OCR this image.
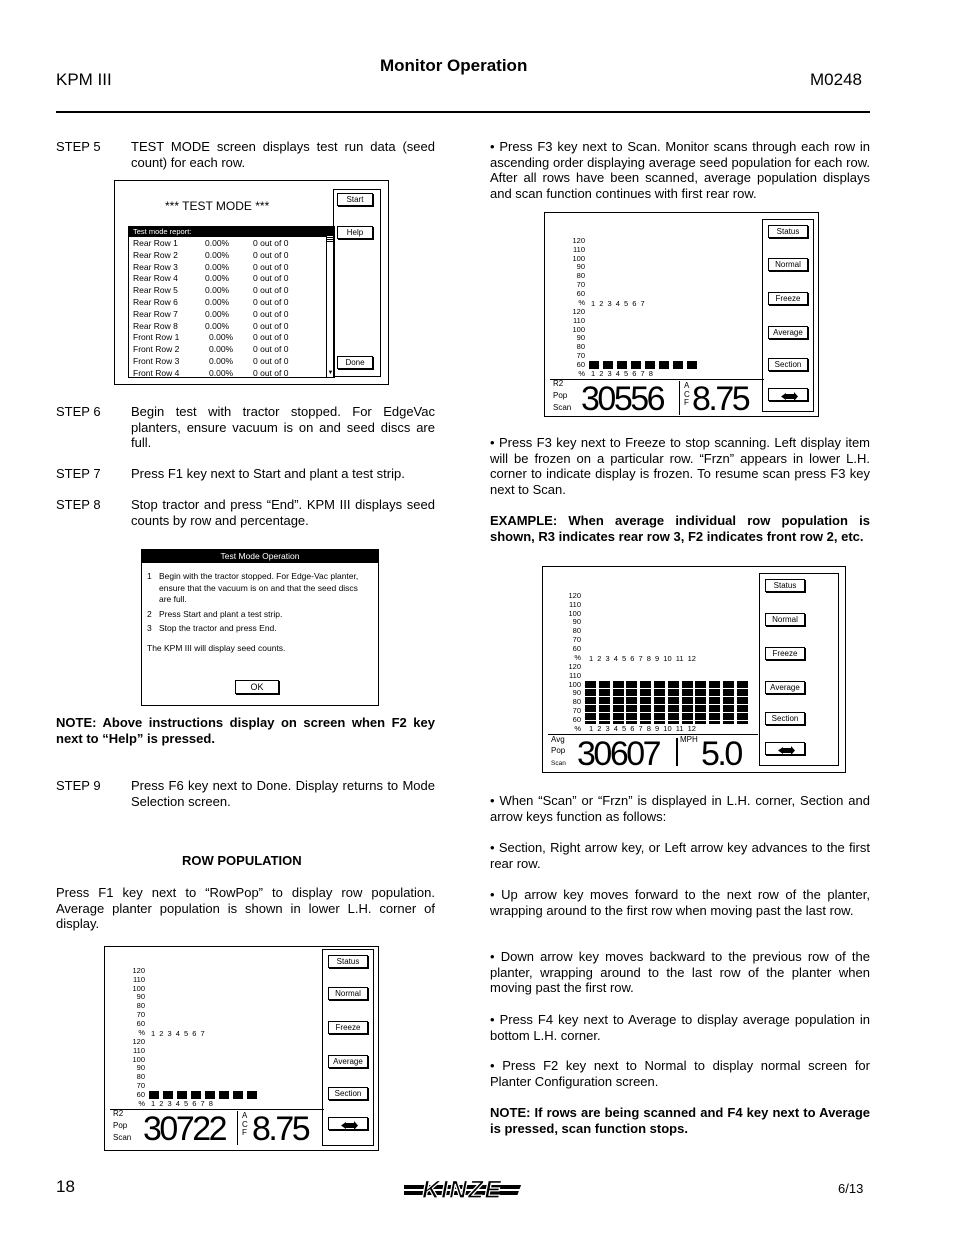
Monitor Operation
KPM III	M0248
STEP 5 TEST MODE screen displays test run data (seed count) for each row.
*** TEST MODE ***
Test mode report:
Rear Row 1	0.00%	0 out of 0
Rear Row 2	0.00%	0 out of 0
Rear Row 3	0.00%	0 out of 0
Rear Row 4	0.00%	0 out of 0
Rear Row 5	0.00%	0 out of 0
Rear Row 6	0.00%	0 out of 0
Rear Row 7	0.00%	0 out of 0
Rear Row 8	0.00%	0 out of 0
Front Row 1	0.00% 0 out of 0
Front Row 2	0.00% 0 out of 0
Front Row 3	0.00% 0 out of 0
Front Row 4	0.00% 0 out of 0
▲
▼
Start
Help
Done
STEP 6 Begin test with tractor stopped. For EdgeVac planters, ensure vacuum is on and seed discs are full.
STEP 7 Press F1 key next to Start and plant a test strip.
STEP 8 Stop tractor and press “End”. KPM III displays seed counts by row and percentage.
Test Mode Operation
1 Begin with the tractor stopped. For Edge-Vac planter, ensure that the vacuum is on and that the seed discs are full.
2 Press Start and plant a test strip.
3 Stop the tractor and press End.
The KPM III will display seed counts.
OK
NOTE: Above instructions display on screen when F2 key next to “Help” is pressed.
STEP 9 Press F6 key next to Done. Display returns to Mode Selection screen.
ROW POPULATION
Press F1 key next to “RowPop” to display row population. Average planter population is shown in lower L.H. corner of display.
120
110
100
90
80
70
60
%
120
110
100
90
80
70
60
%
1 2 3 4 5 6 7
1 2 3 4 5 6 7 8
R2
Pop
Scan 30722 A C F 8.75
Status
Normal
Freeze
Average
Section
• Press F3 key next to Scan. Monitor scans through each row in ascending order displaying average seed population for each row. After all rows have been scanned, average population displays and scan function continues with first rear row.
120
110
100
90
80
70
60
%
120
110
100
90
80
70
60
%
1 2 3 4 5 6 7
1 2 3 4 5 6 7 8
R2
Pop
Scan 30556	A C F 8.75
Status
Normal
Freeze
Average
Section
• Press F3 key next to Freeze to stop scanning. Left display item will be frozen on a particular row. “Frzn” appears in lower L.H. corner to indicate display is frozen. To resume scan press F3 key next to Scan.
EXAMPLE: When average individual row population is shown, R3 indicates rear row 3, F2 indicates front row 2, etc.
120
110
100
90
80
70
60
%
120
110
100
90
80
70
60
%
1 2 3 4 5 6 7 8 9 10 11 12
1 2 3 4 5 6 7 8 9 10 11 12
Avg
Pop
Scan 30607	MPH 5.0
Status
Normal
Freeze
Average
Section
• When “Scan” or “Frzn” is displayed in L.H. corner, Section and arrow keys function as follows:
• Section, Right arrow key, or Left arrow key advances to the first rear row.
• Up arrow key moves forward to the next row of the planter, wrapping around to the first row when moving past the last row.
• Down arrow key moves backward to the previous row of the planter, wrapping around to the last row of the planter when moving past the first row.
• Press F4 key next to Average to display average population in bottom L.H. corner.
• Press F2 key next to Normal to display normal screen for Planter Configuration screen.
NOTE: If rows are being scanned and F4 key next to Average is pressed, scan function stops.
18	KINZE	6/13
